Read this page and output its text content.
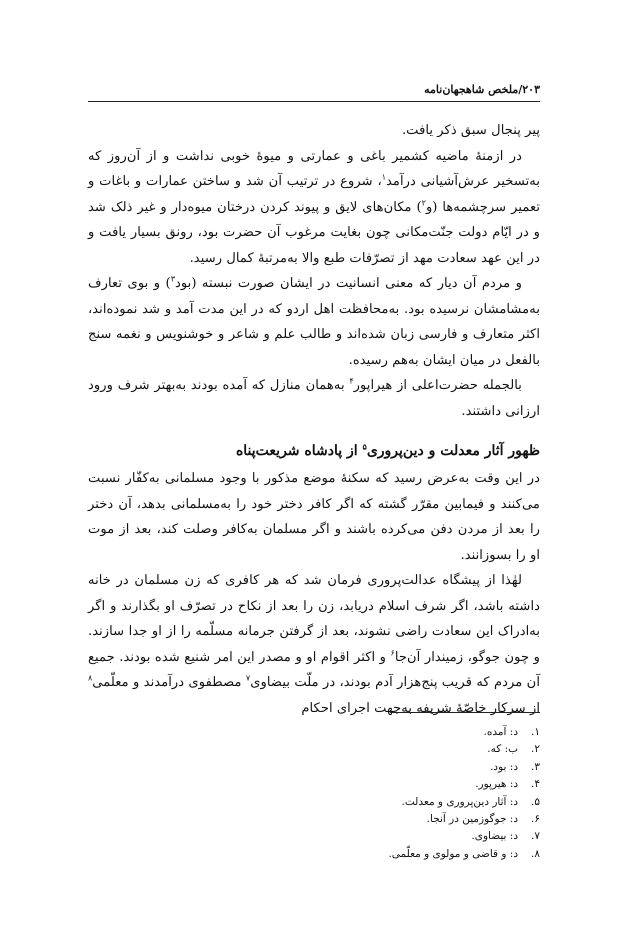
۲۰۳/ملخص شاهجهان‌نامه

پیر پنجال سبق ذکر یافت.

در ازمنهٔ ماضیه کشمیر باغی و عمارتی و میوهٔ خوبی نداشت و از آن‌روز که به‌تسخیر عرش‌آشیانی درآمد$^۱$، شروع در ترتیب آن شد و ساختن عمارات و باغات و تعمیر سرچشمه‌ها (و$^۲$) مکان‌های لایق و پیوند کردن درختان میوه‌دار و غیر ذلک شد و در ایّام دولت جنّت‌مکانی چون بغایت مرغوب آن حضرت بود، رونق بسیار یافت و در این عهد سعادت مهد از تصرّفات طبع والا به‌مرتبهٔ کمال رسید.

و مردم آن دیار که معنی انسانیت در ایشان صورت نبسته (بود$^۳$) و بوی تعارف به‌مشامشان نرسیده بود. به‌محافظت اهل اردو که در این مدت آمد و شد نموده‌اند، اکثر متعارف و فارسی زبان شده‌اند و طالب علم و شاعر و خوشنویس و نغمه سنج بالفعل در میان ایشان به‌هم رسیده.

بالجمله حضرت‌اعلی از هیراپور$^۴$ به‌همان منازل که آمده بودند به‌بهتر شرف ورود ارزانی داشتند.

ظهور آثار معدلت و دین‌پروری$^۵$ از پادشاه شریعت‌پناه

در این وقت به‌عرض رسید که سکنهٔ موضع مذکور با وجود مسلمانی به‌کفّار نسبت می‌کنند و فیمابین مقرّر گشته که اگر کافر دختر خود را به‌مسلمانی بدهد، آن دختر را بعد از مردن دفن می‌کرده باشند و اگر مسلمان به‌کافر وصلت کند، بعد از موت او را بسوزانند.

لهٰذا از پیشگاه عدالت‌پروری فرمان شد که هر کافری که زن مسلمان در خانه داشته باشد، اگر شرف اسلام دریابد، زن را بعد از نکاح در تصرّف او بگذارند و اگر به‌ادراک این سعادت راضی نشوند، بعد از گرفتن جرمانه مسلّمه را از او جدا سازند. و چون جوگو، زمیندار آن‌جا$^۶$ و اکثر اقوام او و مصدر این امر شنیع شده بودند. جمیع آن مردم که قریب پنج‌هزار آدم بودند، در ملّت بیضاوی$^۷$ مصطفوی درآمدند و معلّمی$^۸$ از سرکار خاصّهٔ شریفه به‌جهت اجرای احکام

۱.
د: آمده.
۲.
ب: که.
۳.
د: بود.
۴.
د: هیرپور.
۵.
د: آثار دین‌پروری و معدلت.
۶.
د: جوگوزمین در آنجا.
۷.
د: بیضاوی.
۸.
د: و قاضی و مولوی و معلّمی.
